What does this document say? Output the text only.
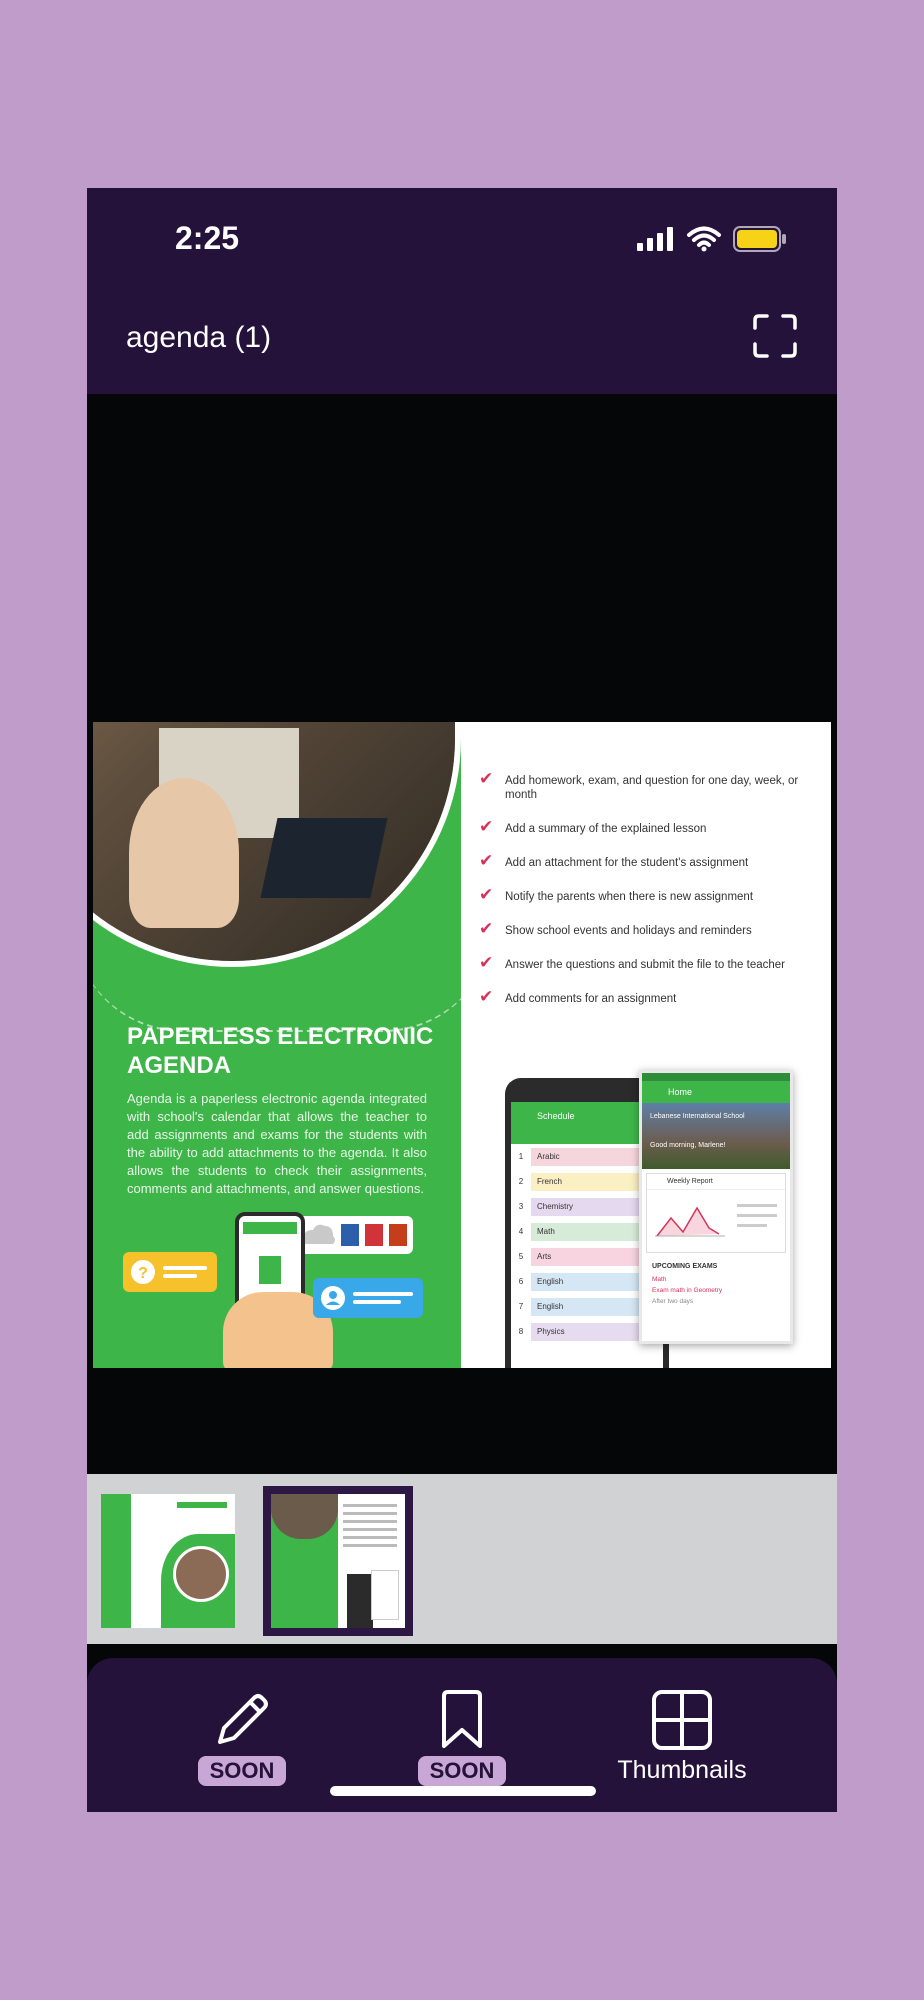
2:25
agenda (1)
PAPERLESS ELECTRONIC AGENDA
Agenda is a paperless electronic agenda integrated with school's calendar that allows the teacher to add assignments and exams for the students with the ability to add attachments to the agenda. It also allows the students to check their assignments, comments and attachments, and answer questions.
?
✔ Add homework, exam, and question for one day, week, or month
✔ Add a summary of the explained lesson
✔ Add an attachment for the student's assignment
✔ Notify the parents when there is new assignment
✔ Show school events and holidays and reminders
✔ Answer the questions and submit the file to the teacher
✔ Add comments for an assignment
Schedule
1	Arabic
2	French
3	Chemistry
4	Math
5	Arts
6	English
7	English
8	Physics
Home
Lebanese International School
Good morning, Marlene!
Weekly Report
UPCOMING EXAMS
Math
Exam math in Geometry
After two days
SOON	SOON	Thumbnails
